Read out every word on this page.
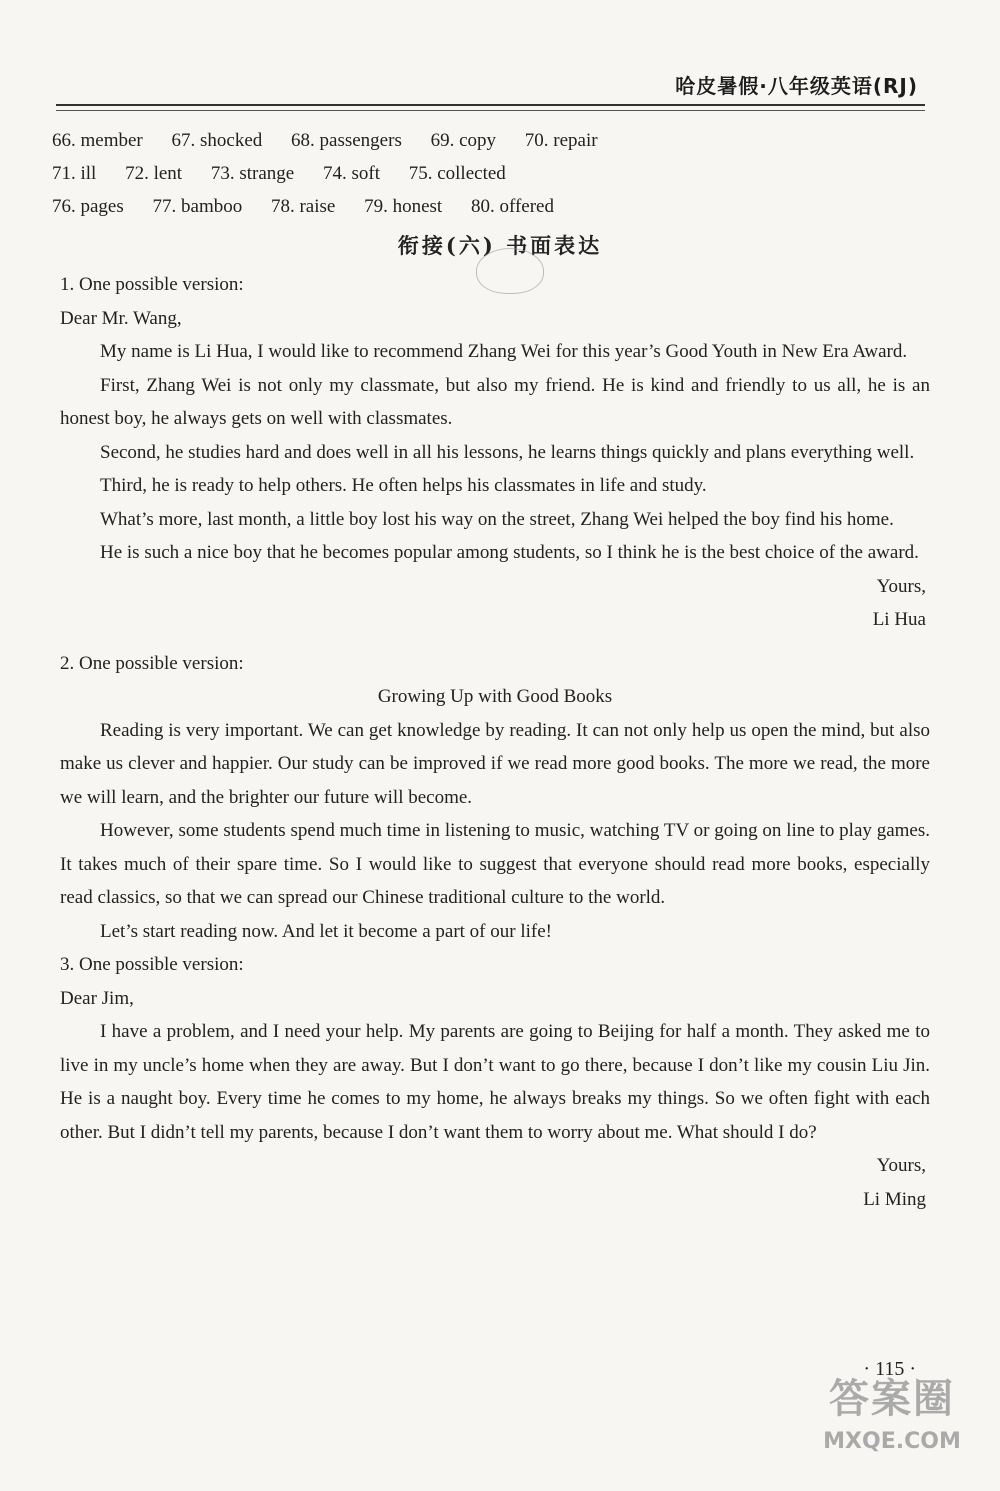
哈皮暑假·八年级英语(RJ)
66. member 67. shocked 68. passengers 69. copy 70. repair
71. ill 72. lent 73. strange 74. soft 75. collected
76. pages 77. bamboo 78. raise 79. honest 80. offered
衔接(六) 书面表达

1. One possible version:

Dear Mr. Wang,

My name is Li Hua, I would like to recommend Zhang Wei for this year’s Good Youth in New Era Award.

First, Zhang Wei is not only my classmate, but also my friend. He is kind and friendly to us all, he is an honest boy, he always gets on well with classmates.

Second, he studies hard and does well in all his lessons, he learns things quickly and plans everything well.

Third, he is ready to help others. He often helps his classmates in life and study.

What’s more, last month, a little boy lost his way on the street, Zhang Wei helped the boy find his home.

He is such a nice boy that he becomes popular among students, so I think he is the best choice of the award.

Yours,

Li Hua

2. One possible version:

Growing Up with Good Books

Reading is very important. We can get knowledge by reading. It can not only help us open the mind, but also make us clever and happier. Our study can be improved if we read more good books. The more we read, the more we will learn, and the brighter our future will become.

However, some students spend much time in listening to music, watching TV or going on line to play games. It takes much of their spare time. So I would like to suggest that everyone should read more books, especially read classics, so that we can spread our Chinese traditional culture to the world.

Let’s start reading now. And let it become a part of our life!

3. One possible version:

Dear Jim,

I have a problem, and I need your help. My parents are going to Beijing for half a month. They asked me to live in my uncle’s home when they are away. But I don’t want to go there, because I don’t like my cousin Liu Jin. He is a naught boy. Every time he comes to my home, he always breaks my things. So we often fight with each other. But I didn’t tell my parents, because I don’t want them to worry about me. What should I do?

Yours,

Li Ming

· 115 ·
答案圈
MXQE.COM
